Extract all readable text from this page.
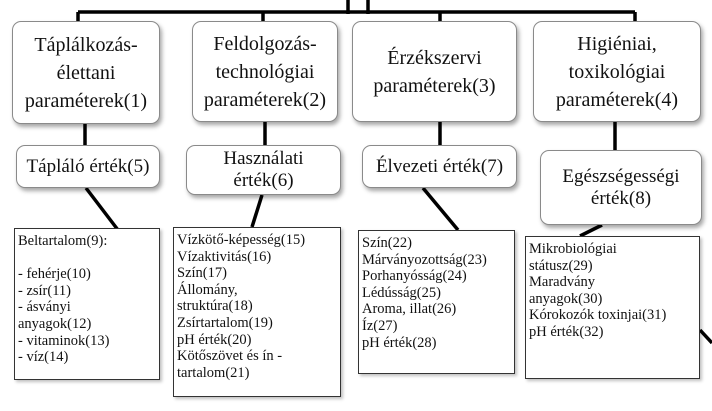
Táplálkozás-
élettani
paraméterek(1)
Feldolgozás-
technológiai
paraméterek(2)
Érzékszervi
paraméterek(3)
Higiéniai,
toxikológiai
paraméterek(4)
Tápláló érték(5)	Használati
érték(6)
Élvezeti érték(7)	Egészségességi
érték(8)
Beltartalom(9):
- fehérje(10)
- zsír(11)
- ásványi
anyagok(12)
- vitaminok(13)
- víz(14)
Vízkötő-képesség(15)
Vízaktivitás(16)
Szín(17)
Állomány,
struktúra(18)
Zsírtartalom(19)
pH érték(20)
Kötőszövet és ín -
tartalom(21)
Szín(22)
Márványozottság(23)
Porhanyósság(24)
Lédússág(25)
Aroma, illat(26)
Íz(27)
pH érték(28)
Mikrobiológiai
státusz(29)
Maradvány
anyagok(30)
Kórokozók toxinjai(31)
pH érték(32)
